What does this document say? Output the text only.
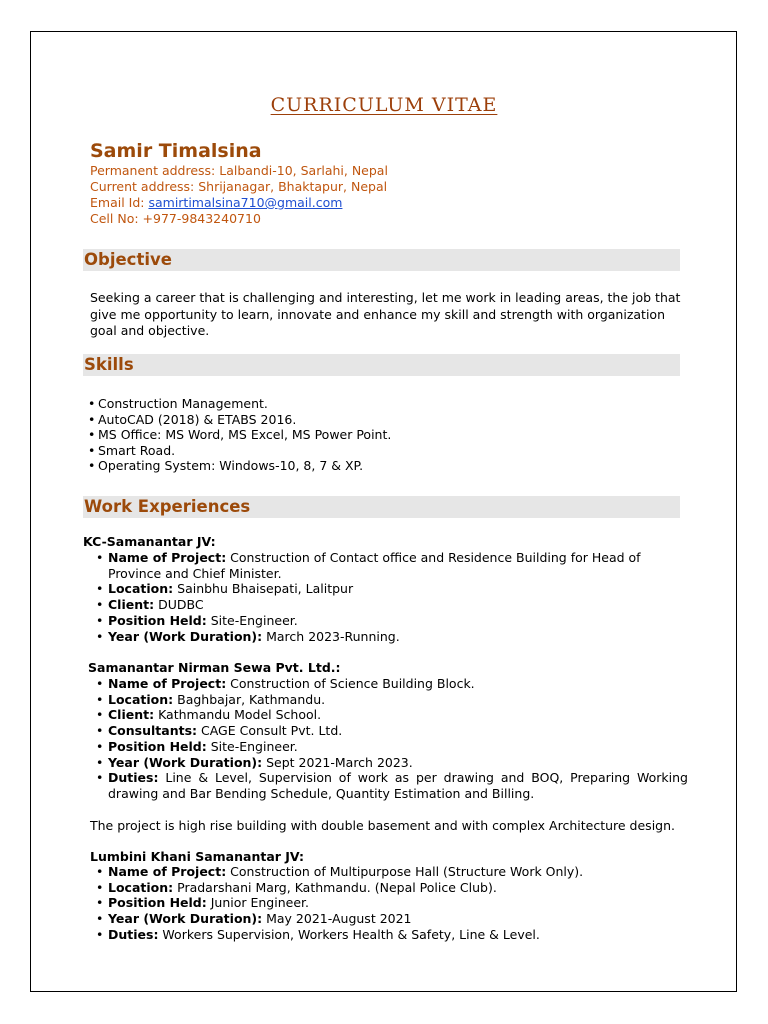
CURRICULUM VITAE
Samir Timalsina
Permanent address: Lalbandi-10, Sarlahi, Nepal
Current address: Shrijanagar, Bhaktapur, Nepal
Email Id: samirtimalsina710@gmail.com
Cell No: +977-9843240710
Objective
Seeking a career that is challenging and interesting, let me work in leading areas, the job that give me opportunity to learn, innovate and enhance my skill and strength with organization goal and objective.
Skills
• Construction Management.
• AutoCAD (2018) & ETABS 2016.
• MS Office: MS Word, MS Excel, MS Power Point.
• Smart Road.
• Operating System: Windows-10, 8, 7 & XP.
Work Experiences
KC-Samanantar JV:
• Name of Project: Construction of Contact office and Residence Building for Head of Province and Chief Minister.
• Location: Sainbhu Bhaisepati, Lalitpur
• Client: DUDBC
• Position Held: Site-Engineer.
• Year (Work Duration): March 2023-Running.
Samanantar Nirman Sewa Pvt. Ltd.:
• Name of Project: Construction of Science Building Block.
• Location: Baghbajar, Kathmandu.
• Client: Kathmandu Model School.
• Consultants: CAGE Consult Pvt. Ltd.
• Position Held: Site-Engineer.
• Year (Work Duration): Sept 2021-March 2023.
• Duties: Line & Level, Supervision of work as per drawing and BOQ, Preparing Working drawing and Bar Bending Schedule, Quantity Estimation and Billing.
The project is high rise building with double basement and with complex Architecture design.
Lumbini Khani Samanantar JV:
• Name of Project: Construction of Multipurpose Hall (Structure Work Only).
• Location: Pradarshani Marg, Kathmandu. (Nepal Police Club).
• Position Held: Junior Engineer.
• Year (Work Duration): May 2021-August 2021
• Duties: Workers Supervision, Workers Health & Safety, Line & Level.
